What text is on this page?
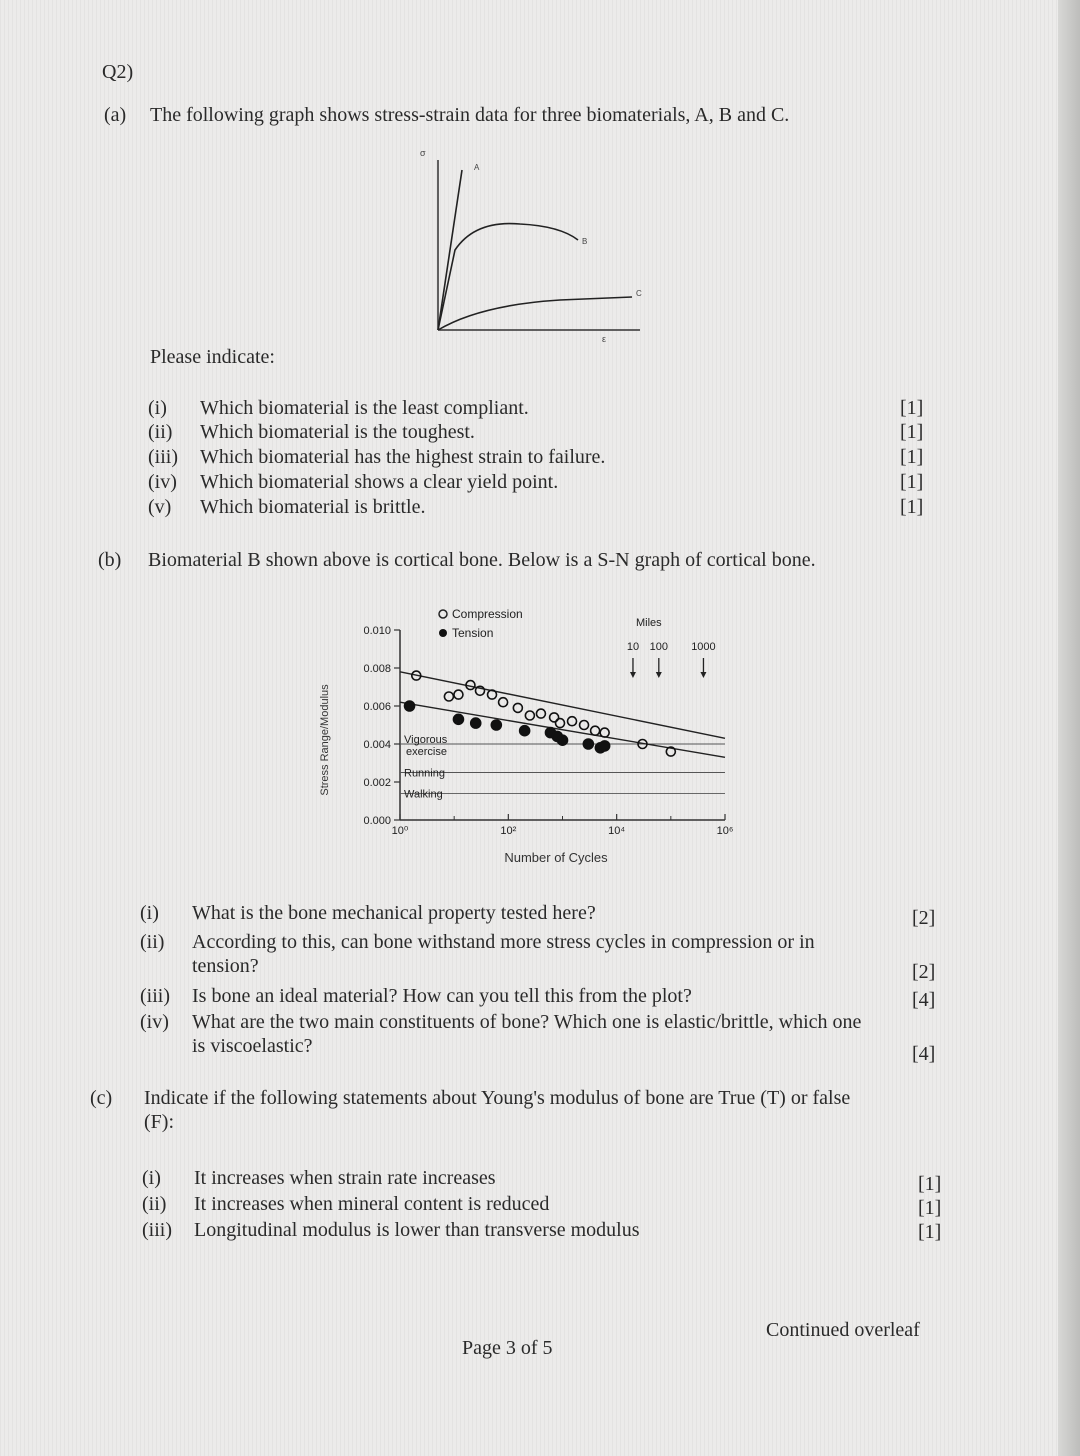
Q2)
(a) The following graph shows stress-strain data for three biomaterials, A, B and C.
σ
ε
A
B
C
Please indicate:
(i) Which biomaterial is the least compliant.	[1]
(ii) Which biomaterial is the toughest.	[1]
(iii) Which biomaterial has the highest strain to failure.	[1]
(iv) Which biomaterial shows a clear yield point.	[1]
(v) Which biomaterial is brittle.	[1]
(b) Biomaterial B shown above is cortical bone. Below is a S-N graph of cortical bone.
Stress Range/Modulus
Number of Cycles
Compression
Tension
0.000
0.002
0.004
0.006
0.008
0.010
10⁰	10²	10⁴	10⁶
Vigorous
exercise
Running
Walking
Miles
10 100 1000
(i) What is the bone mechanical property tested here?	[2]
(ii) According to this, can bone withstand more stress cycles in compression or in
tension?	[2]
(iii) Is bone an ideal material? How can you tell this from the plot?	[4]
(iv) What are the two main constituents of bone? Which one is elastic/brittle, which one
is viscoelastic?	[4]
(c) Indicate if the following statements about Young's modulus of bone are True (T) or false
(F):
(i) It increases when strain rate increases	[1]
(ii) It increases when mineral content is reduced	[1]
(iii) Longitudinal modulus is lower than transverse modulus	[1]
Continued overleaf
Page 3 of 5
